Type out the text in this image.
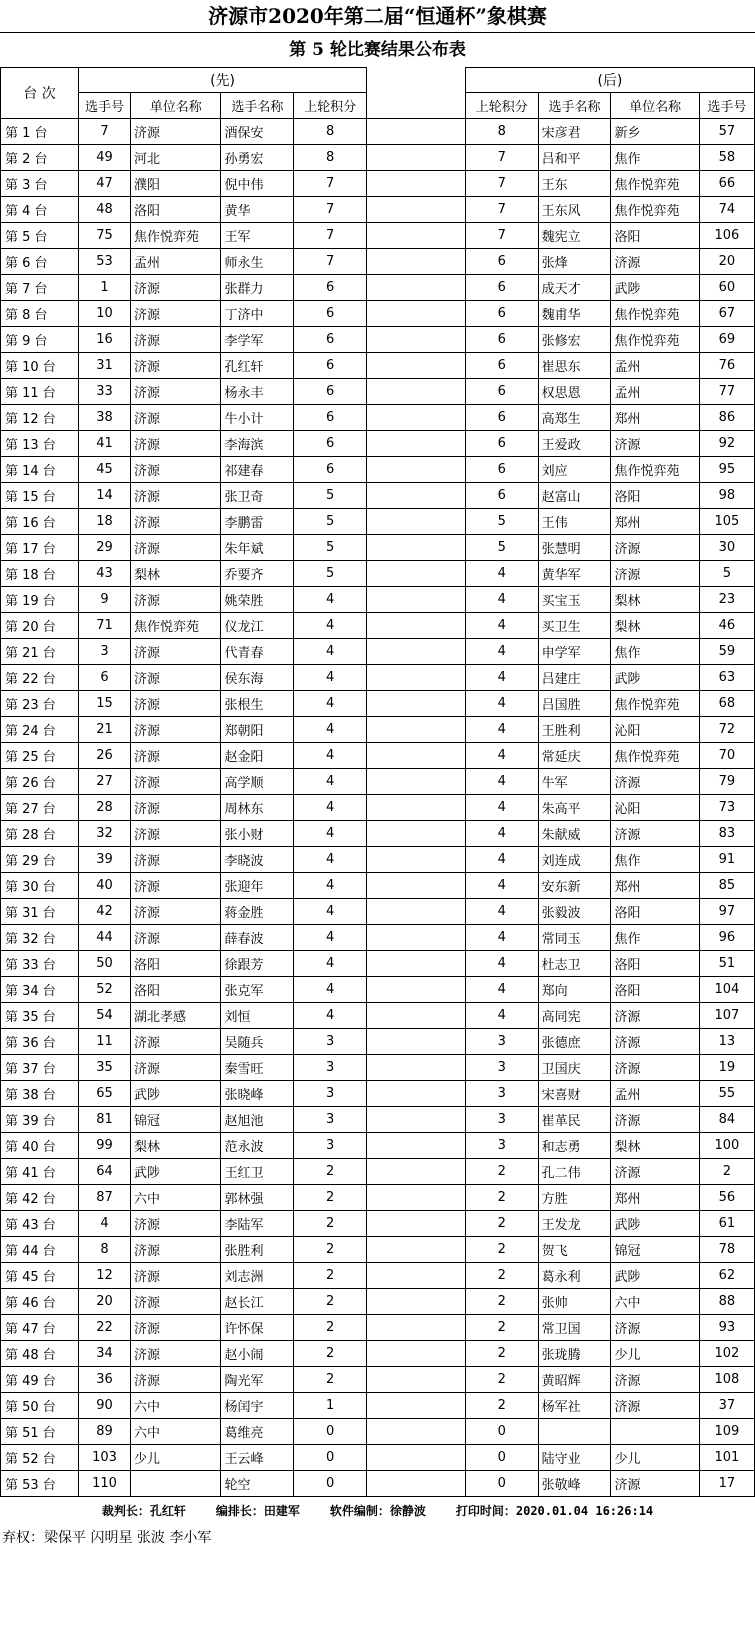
济源市2020年第二届“恒通杯”象棋赛
第 5 轮比赛结果公布表
台 次	(先)					(后)			
	选手号	单位名称	选手名称	上轮积分		上轮积分	选手名称	单位名称	选手号
第 1 台	7	济源	酒保安	8		8	宋彦君	新乡	57
第 2 台	49	河北	孙勇宏	8		7	吕和平	焦作	58
第 3 台	47	濮阳	倪中伟	7		7	王东	焦作悦弈苑	66
第 4 台	48	洛阳	黄华	7		7	王东风	焦作悦弈苑	74
第 5 台	75	焦作悦弈苑	王军	7		7	魏宪立	洛阳	106
第 6 台	53	孟州	师永生	7		6	张烽	济源	20
第 7 台	1	济源	张群力	6		6	成天才	武陟	60
第 8 台	10	济源	丁济中	6		6	魏甫华	焦作悦弈苑	67
第 9 台	16	济源	李学军	6		6	张修宏	焦作悦弈苑	69
第 10 台	31	济源	孔红轩	6		6	崔思东	孟州	76
第 11 台	33	济源	杨永丰	6		6	权思恩	孟州	77
第 12 台	38	济源	牛小计	6		6	高郑生	郑州	86
第 13 台	41	济源	李海滨	6		6	王爱政	济源	92
第 14 台	45	济源	祁建春	6		6	刘应	焦作悦弈苑	95
第 15 台	14	济源	张卫奇	5		6	赵富山	洛阳	98
第 16 台	18	济源	李鹏雷	5		5	王伟	郑州	105
第 17 台	29	济源	朱年斌	5		5	张慧明	济源	30
第 18 台	43	梨林	乔要齐	5		4	黄华军	济源	5
第 19 台	9	济源	姚荣胜	4		4	买宝玉	梨林	23
第 20 台	71	焦作悦弈苑	仪龙江	4		4	买卫生	梨林	46
第 21 台	3	济源	代青春	4		4	申学军	焦作	59
第 22 台	6	济源	侯东海	4		4	吕建庄	武陟	63
第 23 台	15	济源	张根生	4		4	吕国胜	焦作悦弈苑	68
第 24 台	21	济源	郑朝阳	4		4	王胜利	沁阳	72
第 25 台	26	济源	赵金阳	4		4	常延庆	焦作悦弈苑	70
第 26 台	27	济源	高学顺	4		4	牛军	济源	79
第 27 台	28	济源	周林东	4		4	朱高平	沁阳	73
第 28 台	32	济源	张小财	4		4	朱献威	济源	83
第 29 台	39	济源	李晓波	4		4	刘连成	焦作	91
第 30 台	40	济源	张迎年	4		4	安东新	郑州	85
第 31 台	42	济源	蒋金胜	4		4	张毅波	洛阳	97
第 32 台	44	济源	薛春波	4		4	常同玉	焦作	96
第 33 台	50	洛阳	徐跟芳	4		4	杜志卫	洛阳	51
第 34 台	52	洛阳	张克军	4		4	郑向	洛阳	104
第 35 台	54	湖北孝感	刘恒	4		4	高同宪	济源	107
第 36 台	11	济源	吴随兵	3		3	张德庶	济源	13
第 37 台	35	济源	秦雪旺	3		3	卫国庆	济源	19
第 38 台	65	武陟	张晓峰	3		3	宋喜财	孟州	55
第 39 台	81	锦冠	赵旭池	3		3	崔革民	济源	84
第 40 台	99	梨林	范永波	3		3	和志勇	梨林	100
第 41 台	64	武陟	王红卫	2		2	孔二伟	济源	2
第 42 台	87	六中	郭林强	2		2	方胜	郑州	56
第 43 台	4	济源	李陆军	2		2	王发龙	武陟	61
第 44 台	8	济源	张胜利	2		2	贺飞	锦冠	78
第 45 台	12	济源	刘志洲	2		2	葛永利	武陟	62
第 46 台	20	济源	赵长江	2		2	张帅	六中	88
第 47 台	22	济源	许怀保	2		2	常卫国	济源	93
第 48 台	34	济源	赵小闹	2		2	张珑腾	少儿	102
第 49 台	36	济源	陶光军	2		2	黄昭辉	济源	108
第 50 台	90	六中	杨闰宇	1		2	杨军社	济源	37
第 51 台	89	六中	葛维亮	0		0			109
第 52 台	103	少儿	王云峰	0		0	陆守业	少儿	101
第 53 台	110		轮空	0		0	张敬峰	济源	17
裁判长：孔红轩	编排长：田建军	软件编制：徐静波	打印时间：2020.01.04 16:26:14
弃权：梁保平 闪明星 张波 李小军
